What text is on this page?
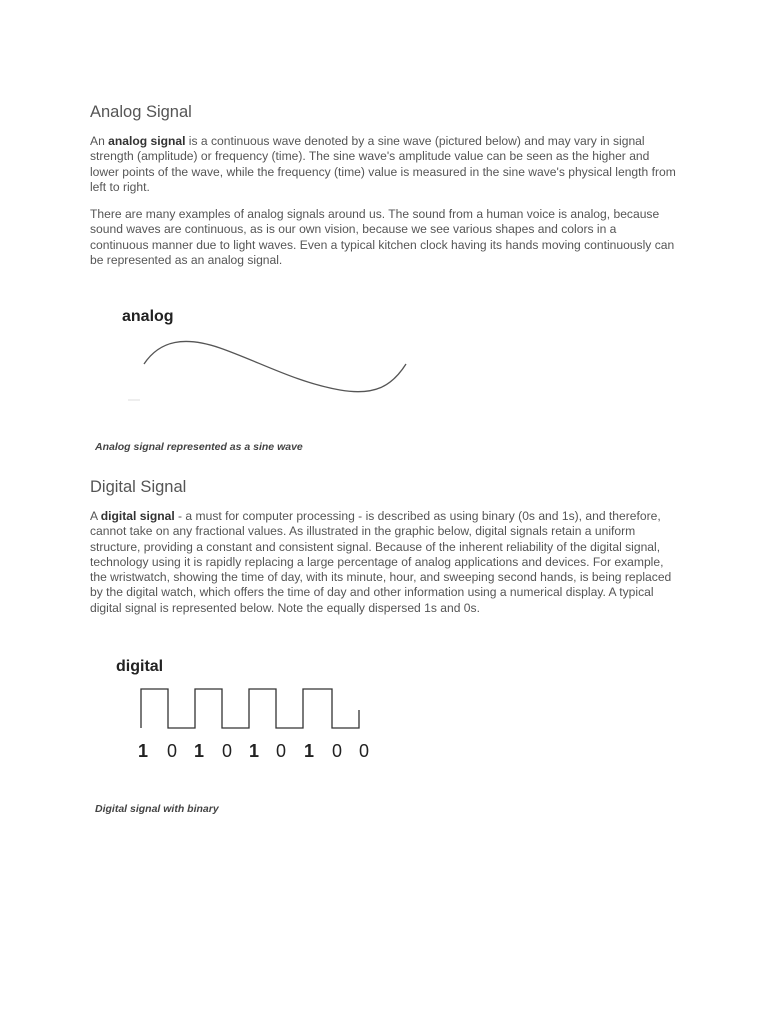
Analog Signal

An analog signal is a continuous wave denoted by a sine wave (pictured below) and may vary in signal strength (amplitude) or frequency (time). The sine wave's amplitude value can be seen as the higher and lower points of the wave, while the frequency (time) value is measured in the sine wave's physical length from left to right.

There are many examples of analog signals around us. The sound from a human voice is analog, because sound waves are continuous, as is our own vision, because we see various shapes and colors in a continuous manner due to light waves. Even a typical kitchen clock having its hands moving continuously can be represented as an analog signal.

analog
Analog signal represented as a sine wave
Digital Signal

A digital signal - a must for computer processing - is described as using binary (0s and 1s), and therefore, cannot take on any fractional values. As illustrated in the graphic below, digital signals retain a uniform structure, providing a constant and consistent signal. Because of the inherent reliability of the digital signal, technology using it is rapidly replacing a large percentage of analog applications and devices. For example, the wristwatch, showing the time of day, with its minute, hour, and sweeping second hands, is being replaced by the digital watch, which offers the time of day and other information using a numerical display. A typical digital signal is represented below. Note the equally dispersed 1s and 0s.

digital
1 0 1 0 1 0 1 0 0
Digital signal with binary
